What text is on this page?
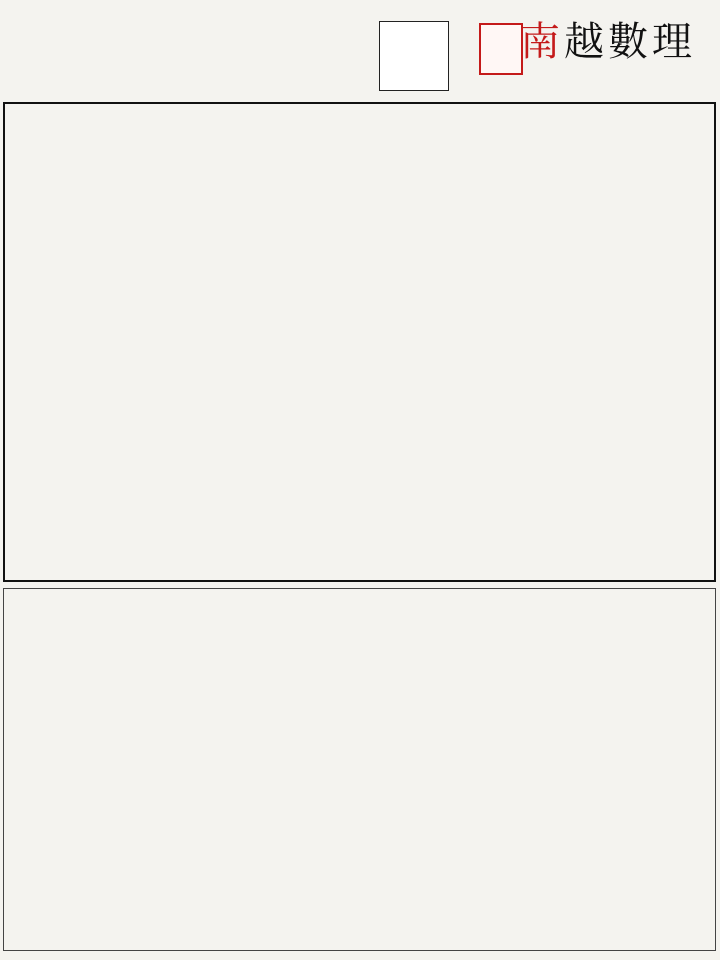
南越數理
